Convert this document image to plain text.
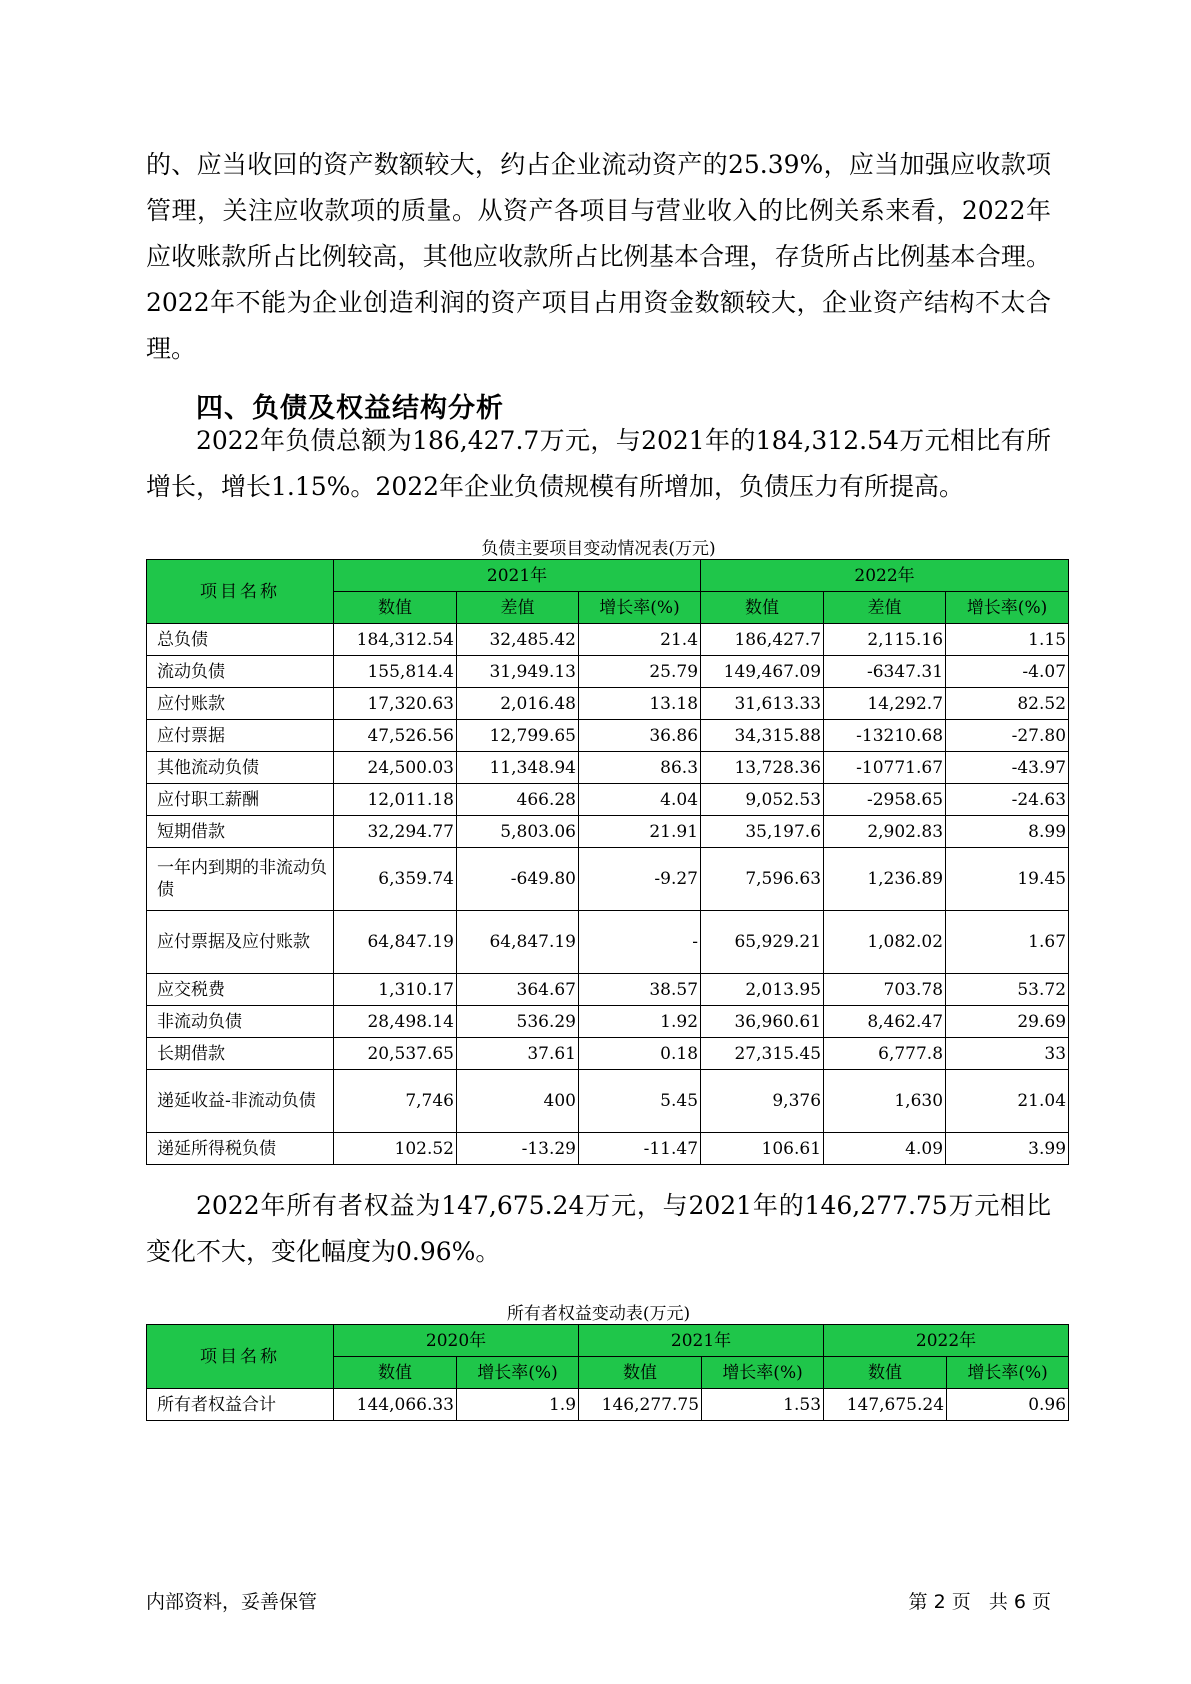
的、应当收回的资产数额较大，约占企业流动资产的25.39%，应当加强应收款项管理，关注应收款项的质量。从资产各项目与营业收入的比例关系来看，2022年应收账款所占比例较高，其他应收款所占比例基本合理，存货所占比例基本合理。2022年不能为企业创造利润的资产项目占用资金数额较大，企业资产结构不太合理。

四、负债及权益结构分析

2022年负债总额为186,427.7万元，与2021年的184,312.54万元相比有所增长，增长1.15%。2022年企业负债规模有所增加，负债压力有所提高。

负债主要项目变动情况表(万元)
项目名称	2021年			2022年		
	数值	差值	增长率(%)	数值	差值	增长率(%)
总负债	184,312.54	32,485.42	21.4	186,427.7	2,115.16	1.15
流动负债	155,814.4	31,949.13	25.79	149,467.09	-6347.31	-4.07
应付账款	17,320.63	2,016.48	13.18	31,613.33	14,292.7	82.52
应付票据	47,526.56	12,799.65	36.86	34,315.88	-13210.68	-27.80
其他流动负债	24,500.03	11,348.94	86.3	13,728.36	-10771.67	-43.97
应付职工薪酬	12,011.18	466.28	4.04	9,052.53	-2958.65	-24.63
短期借款	32,294.77	5,803.06	21.91	35,197.6	2,902.83	8.99
一年内到期的非流动负债	6,359.74	-649.80	-9.27	7,596.63	1,236.89	19.45
应付票据及应付账款	64,847.19	64,847.19	-	65,929.21	1,082.02	1.67
应交税费	1,310.17	364.67	38.57	2,013.95	703.78	53.72
非流动负债	28,498.14	536.29	1.92	36,960.61	8,462.47	29.69
长期借款	20,537.65	37.61	0.18	27,315.45	6,777.8	33
递延收益-非流动负债	7,746	400	5.45	9,376	1,630	21.04
递延所得税负债	102.52	-13.29	-11.47	106.61	4.09	3.99

2022年所有者权益为147,675.24万元，与2021年的146,277.75万元相比变化不大，变化幅度为0.96%。

所有者权益变动表(万元)
项目名称	2020年		2021年		2022年	
	数值	增长率(%)	数值	增长率(%)	数值	增长率(%)
所有者权益合计	144,066.33	1.9	146,277.75	1.53	147,675.24	0.96
内部资料，妥善保管	第 2 页   共 6 页
